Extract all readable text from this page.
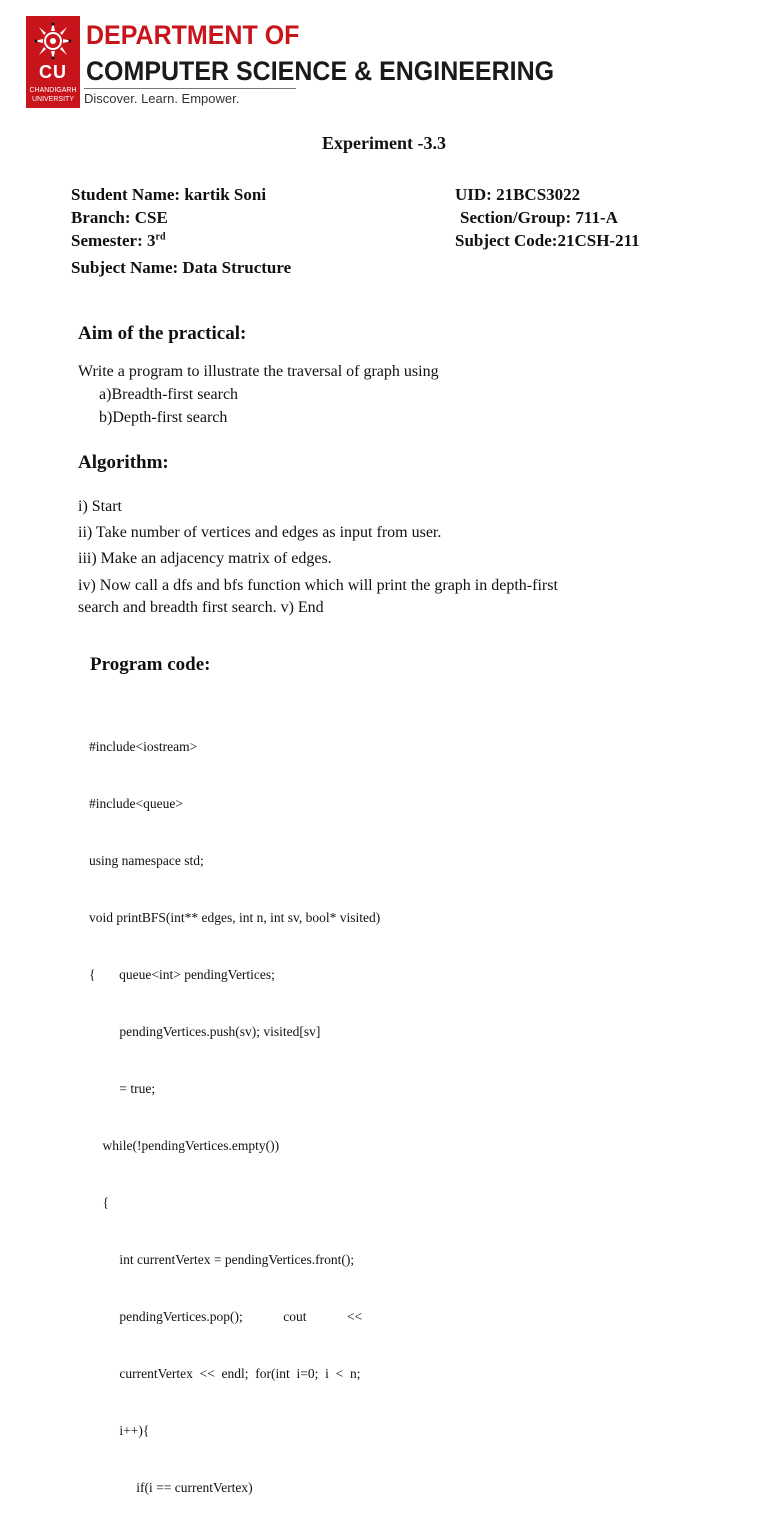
CU
CHANDIGARH
UNIVERSITY
DEPARTMENT OF
COMPUTER SCIENCE & ENGINEERING
Discover. Learn. Empower.
Experiment -3.3
Student Name: kartik Soni	UID: 21BCS3022
Branch: CSE	Section/Group: 711-A
Semester: 3rd	Subject Code:21CSH-211
Subject Name: Data Structure
Aim of the practical:
Write a program to illustrate the traversal of graph using
a)Breadth-first search
b)Depth-first search
Algorithm:
i) Start
ii) Take number of vertices and edges as input from user.
iii) Make an adjacency matrix of edges.
iv) Now call a dfs and bfs function which will print the graph in depth-first
search and breadth first search. v) End
Program code:

#include<iostream>

#include<queue>

using namespace std;

void printBFS(int** edges, int n, int sv, bool* visited)

{       queue<int> pendingVertices;

pendingVertices.push(sv); visited[sv]

= true;

while(!pendingVertices.empty())

{

int currentVertex = pendingVertices.front();

pendingVertices.pop();            cout            <<

currentVertex  <<  endl;  for(int  i=0;  i  <  n;

i++){

if(i == currentVertex)
